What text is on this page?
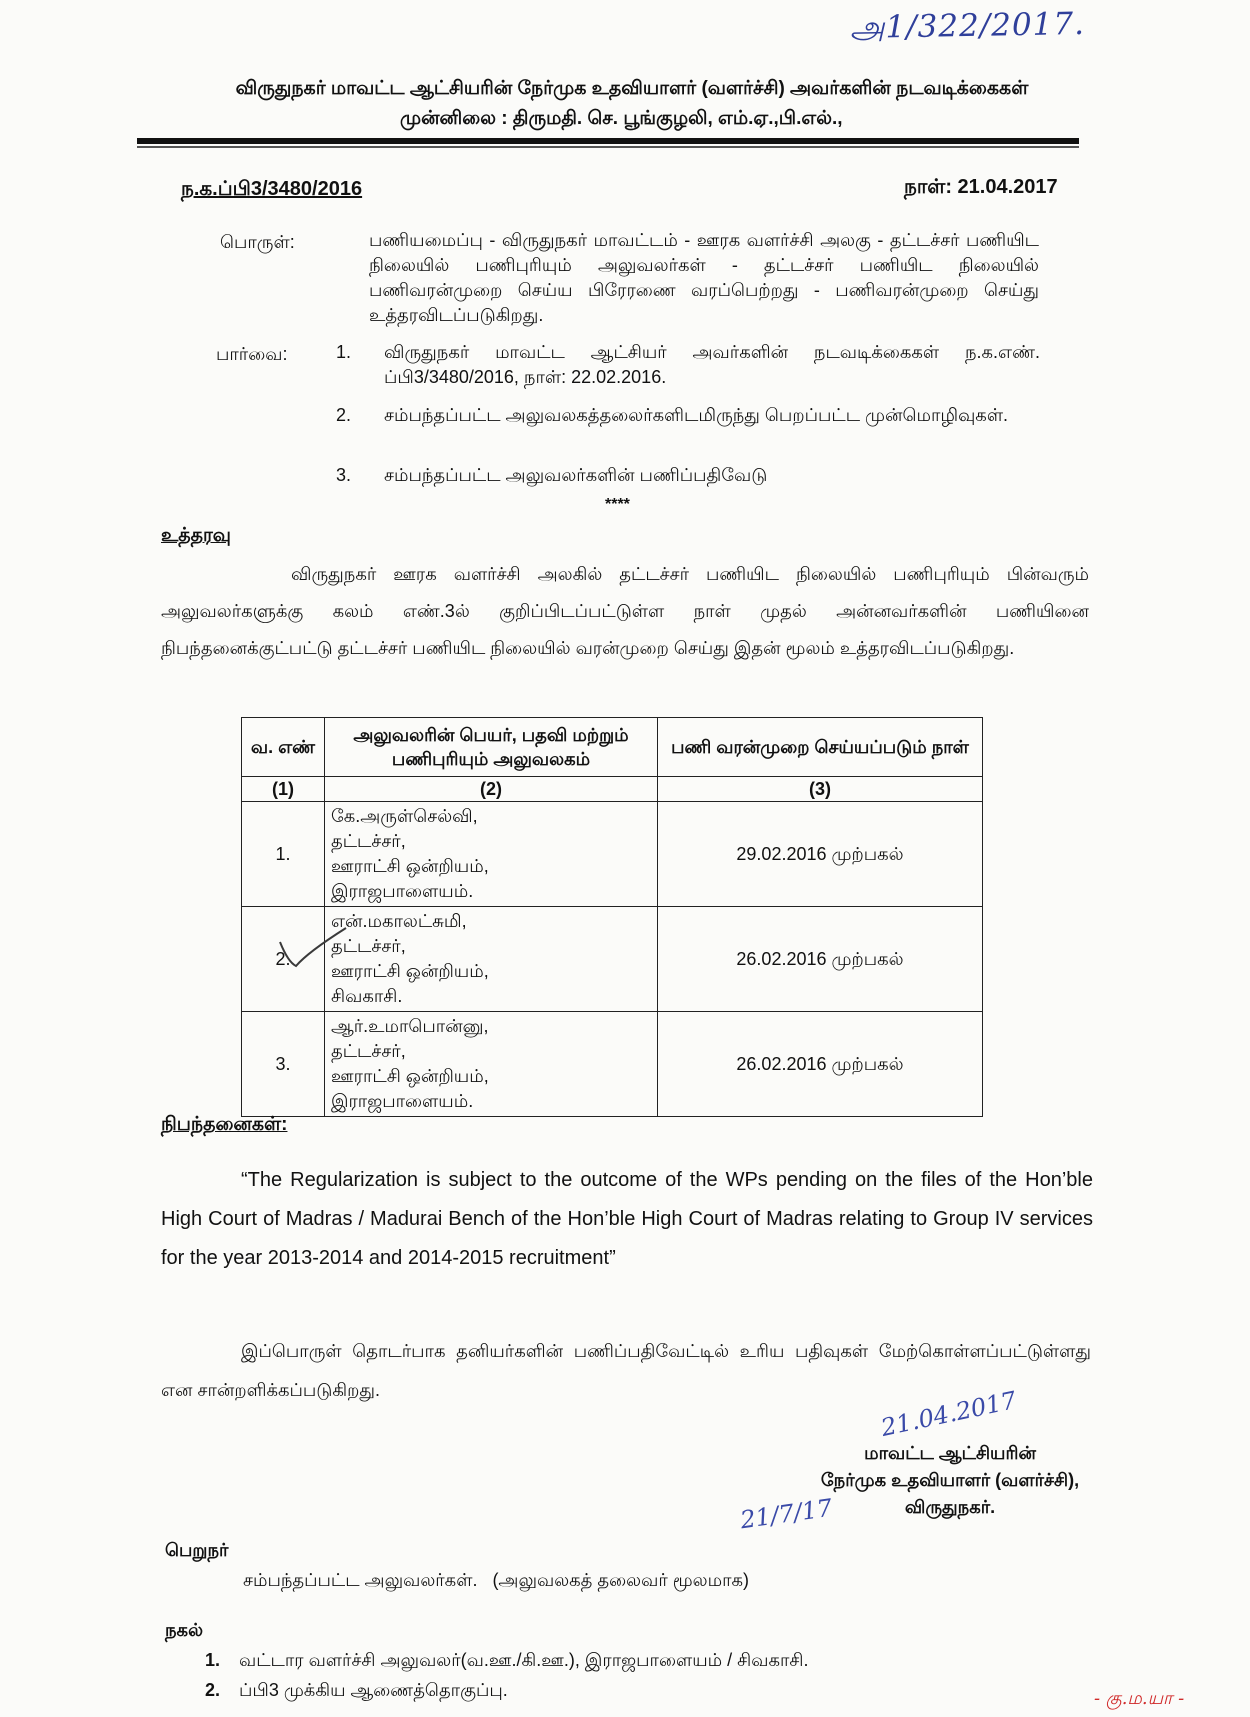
அ1/322/2017.
விருதுநகர் மாவட்ட ஆட்சியரின் நேர்முக உதவியாளர் (வளர்ச்சி) அவர்களின் நடவடிக்கைகள்
முன்னிலை : திருமதி. செ. பூங்குழலி, எம்.ஏ.,பி.எல்.,
ந.க.ப்பி3/3480/2016	நாள்: 21.04.2017
பொருள்:	பணியமைப்பு - விருதுநகர் மாவட்டம் - ஊரக வளர்ச்சி அலகு - தட்டச்சர் பணியிட நிலையில் பணிபுரியும் அலுவலர்கள் - தட்டச்சர் பணியிட நிலையில் பணிவரன்முறை செய்ய பிரேரணை வரப்பெற்றது - பணிவரன்முறை செய்து உத்தரவிடப்படுகிறது.
பார்வை:	1.	விருதுநகர் மாவட்ட ஆட்சியர் அவர்களின் நடவடிக்கைகள் ந.க.எண். ப்பி3/3480/2016, நாள்: 22.02.2016.
2.	சம்பந்தப்பட்ட அலுவலகத்தலைர்களிடமிருந்து பெறப்பட்ட முன்மொழிவுகள்.
3.	சம்பந்தப்பட்ட அலுவலர்களின் பணிப்பதிவேடு
****
உத்தரவு
விருதுநகர் ஊரக வளர்ச்சி அலகில் தட்டச்சர் பணியிட நிலையில் பணிபுரியும் பின்வரும் அலுவலர்களுக்கு கலம் எண்.3ல் குறிப்பிடப்பட்டுள்ள நாள் முதல் அன்னவர்களின் பணியினை நிபந்தனைக்குட்பட்டு தட்டச்சர் பணியிட நிலையில் வரன்முறை செய்து இதன் மூலம் உத்தரவிடப்படுகிறது.
வ. எண்	அலுவலரின் பெயர், பதவி மற்றும் பணிபுரியும் அலுவலகம்	பணி வரன்முறை செய்யப்படும் நாள்
(1)	(2)	(3)
1.	கே.அருள்செல்வி,
தட்டச்சர்,
ஊராட்சி ஒன்றியம்,
இராஜபாளையம்.	29.02.2016 முற்பகல்
2.	என்.மகாலட்சுமி,
தட்டச்சர்,
ஊராட்சி ஒன்றியம்,
சிவகாசி.	26.02.2016 முற்பகல்
3.	ஆர்.உமாபொன்னு,
தட்டச்சர்,
ஊராட்சி ஒன்றியம்,
இராஜபாளையம்.	26.02.2016 முற்பகல்
நிபந்தனைகள்:
“The Regularization is subject to the outcome of the WPs pending on the files of the Hon’ble High Court of Madras / Madurai Bench of the Hon’ble High Court of Madras relating to Group IV services for the year 2013-2014 and 2014-2015 recruitment”
இப்பொருள் தொடர்பாக தனியர்களின் பணிப்பதிவேட்டில் உரிய பதிவுகள் மேற்கொள்ளப்பட்டுள்ளது என சான்றளிக்கப்படுகிறது.	21.04.2017
மாவட்ட ஆட்சியரின்
நேர்முக உதவியாளர் (வளர்ச்சி),
விருதுநகர்.
21/7/17
பெறுநர்
சம்பந்தப்பட்ட அலுவலர்கள்.   (அலுவலகத் தலைவர் மூலமாக)
நகல்
1.	வட்டார வளர்ச்சி அலுவலர்(வ.ஊ./கி.ஊ.), இராஜபாளையம் / சிவகாசி.
2.	ப்பி3 முக்கிய ஆணைத்தொகுப்பு.	- கு.ம.யா -
